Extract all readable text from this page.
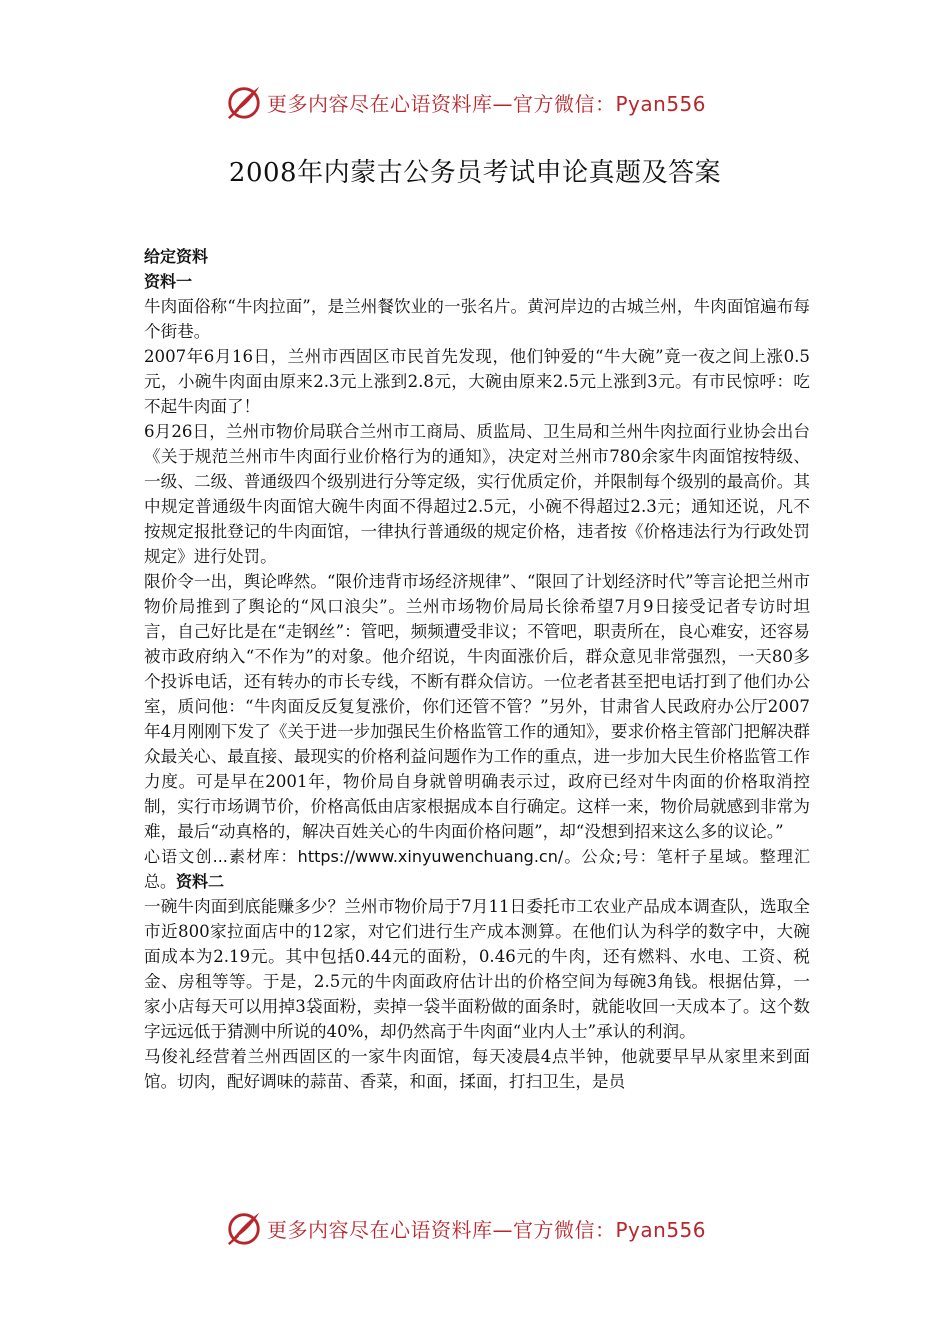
更多内容尽在心语资料库—官方微信：Pyan556
2008年内蒙古公务员考试申论真题及答案

给定资料

资料一

牛肉面俗称“牛肉拉面”，是兰州餐饮业的一张名片。黄河岸边的古城兰州，牛肉面馆遍布每个街巷。

2007年6月16日，兰州市西固区市民首先发现，他们钟爱的“牛大碗”竟一夜之间上涨0.5元，小碗牛肉面由原来2.3元上涨到2.8元，大碗由原来2.5元上涨到3元。有市民惊呼：吃不起牛肉面了！

6月26日，兰州市物价局联合兰州市工商局、质监局、卫生局和兰州牛肉拉面行业协会出台《关于规范兰州市牛肉面行业价格行为的通知》，决定对兰州市780余家牛肉面馆按特级、一级、二级、普通级四个级别进行分等定级，实行优质定价，并限制每个级别的最高价。其中规定普通级牛肉面馆大碗牛肉面不得超过2.5元，小碗不得超过2.3元；通知还说，凡不按规定报批登记的牛肉面馆，一律执行普通级的规定价格，违者按《价格违法行为行政处罚规定》进行处罚。

限价令一出，舆论哗然。“限价违背市场经济规律”、“限回了计划经济时代”等言论把兰州市物价局推到了舆论的“风口浪尖”。兰州市场物价局局长徐希望7月9日接受记者专访时坦言，自己好比是在“走钢丝”：管吧，频频遭受非议；不管吧，职责所在，良心难安，还容易被市政府纳入“不作为”的对象。他介绍说，牛肉面涨价后，群众意见非常强烈，一天80多个投诉电话，还有转办的市长专线，不断有群众信访。一位老者甚至把电话打到了他们办公室，质问他：“牛肉面反反复复涨价，你们还管不管？”另外，甘肃省人民政府办公厅2007年4月刚刚下发了《关于进一步加强民生价格监管工作的通知》，要求价格主管部门把解决群众最关心、最直接、最现实的价格利益问题作为工作的重点，进一步加大民生价格监管工作力度。可是早在2001年，物价局自身就曾明确表示过，政府已经对牛肉面的价格取消控制，实行市场调节价，价格高低由店家根据成本自行确定。这样一来，物价局就感到非常为难，最后“动真格的，解决百姓关心的牛肉面价格问题”，却“没想到招来这么多的议论。”

心语文创...素材库：https://www.xinyuwenchuang.cn/。公众;号：笔杆子星域。整理汇总。资料二

一碗牛肉面到底能赚多少？兰州市物价局于7月11日委托市工农业产品成本调查队，选取全市近800家拉面店中的12家，对它们进行生产成本测算。在他们认为科学的数字中，大碗面成本为2.19元。其中包括0.44元的面粉，0.46元的牛肉，还有燃料、水电、工资、税金、房租等等。于是，2.5元的牛肉面政府估计出的价格空间为每碗3角钱。根据估算，一家小店每天可以用掉3袋面粉，卖掉一袋半面粉做的面条时，就能收回一天成本了。这个数字远远低于猜测中所说的40%，却仍然高于牛肉面“业内人士”承认的利润。

马俊礼经营着兰州西固区的一家牛肉面馆，每天凌晨4点半钟，他就要早早从家里来到面馆。切肉，配好调味的蒜苗、香菜，和面，揉面，打扫卫生，是员

更多内容尽在心语资料库—官方微信：Pyan556
